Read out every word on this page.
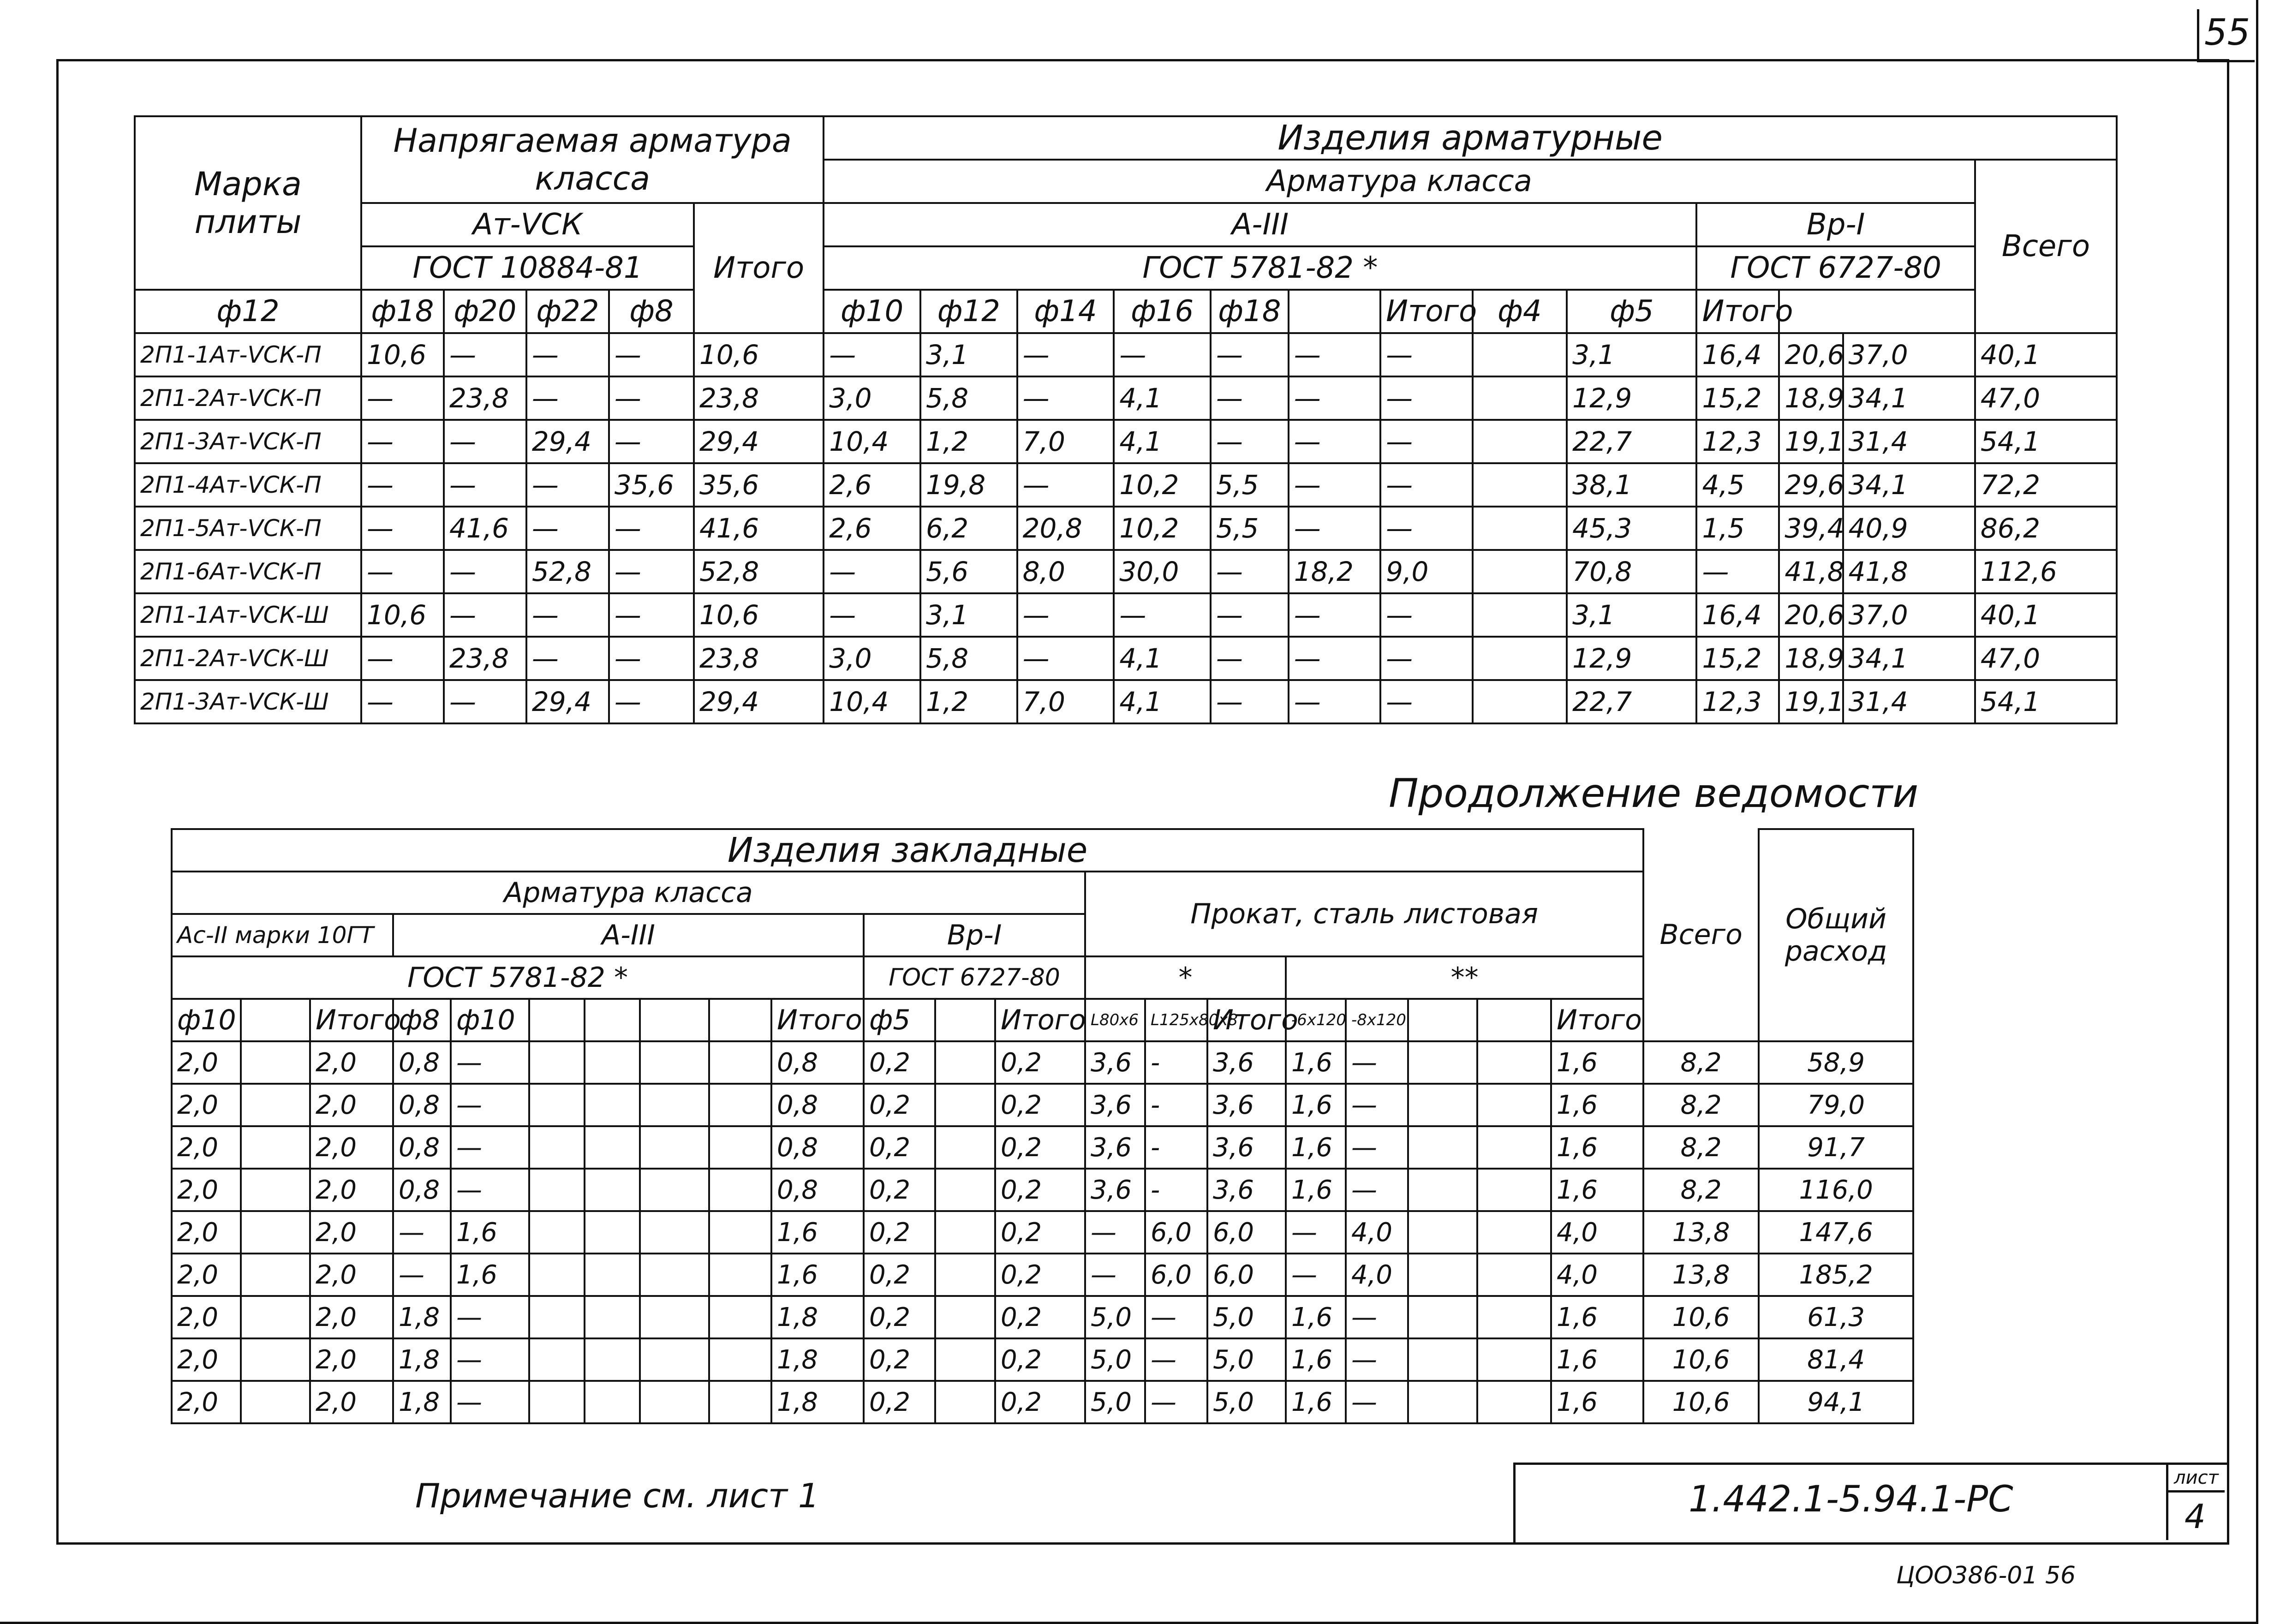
55
Марка плиты	Напрягаемая арматура класса					Изделия арматурные												
						Арматура класса												Всего
	Aт-VСК				Итого	A-III									Вр-I			
	ГОСТ 10884-81					ГОСТ 5781-82 *									ГОСТ 6727-80			
ф12	ф18	ф20	ф22	ф8		ф10	ф12	ф14	ф16	ф18		Итого	ф4	ф5	Итого			
2П1-1Aт-VСК-П	10,6	—	—	—	10,6	—	3,1	—	—	—	—	—		3,1	16,4	20,6	37,0	40,1
2П1-2Aт-VСК-П	—	23,8	—	—	23,8	3,0	5,8	—	4,1	—	—	—		12,9	15,2	18,9	34,1	47,0
2П1-3Aт-VСК-П	—	—	29,4	—	29,4	10,4	1,2	7,0	4,1	—	—	—		22,7	12,3	19,1	31,4	54,1
2П1-4Aт-VСК-П	—	—	—	35,6	35,6	2,6	19,8	—	10,2	5,5	—	—		38,1	4,5	29,6	34,1	72,2
2П1-5Aт-VСК-П	—	41,6	—	—	41,6	2,6	6,2	20,8	10,2	5,5	—	—		45,3	1,5	39,4	40,9	86,2
2П1-6Aт-VСК-П	—	—	52,8	—	52,8	—	5,6	8,0	30,0	—	18,2	9,0		70,8	—	41,8	41,8	112,6
2П1-1Aт-VСК-Ш	10,6	—	—	—	10,6	—	3,1	—	—	—	—	—		3,1	16,4	20,6	37,0	40,1
2П1-2Aт-VСК-Ш	—	23,8	—	—	23,8	3,0	5,8	—	4,1	—	—	—		12,9	15,2	18,9	34,1	47,0
2П1-3Aт-VСК-Ш	—	—	29,4	—	29,4	10,4	1,2	7,0	4,1	—	—	—		22,7	12,3	19,1	31,4	54,1
Продолжение ведомости
Изделия закладные																					Всего	Общий расход
Арматура класса													Прокат, сталь листовая									
Ac-II марки 10ГТ			A-III							Вр-I												
ГОСТ 5781-82 *										ГОСТ 6727-80			*			**						
ф10		Итого	ф8	ф10					Итого	ф5		Итого	L80x6	L125x80x8	Итого	-6x120	-8x120			Итого		
2,0		2,0	0,8	—					0,8	0,2		0,2	3,6	-	3,6	1,6	—			1,6	8,2	58,9
2,0		2,0	0,8	—					0,8	0,2		0,2	3,6	-	3,6	1,6	—			1,6	8,2	79,0
2,0		2,0	0,8	—					0,8	0,2		0,2	3,6	-	3,6	1,6	—			1,6	8,2	91,7
2,0		2,0	0,8	—					0,8	0,2		0,2	3,6	-	3,6	1,6	—			1,6	8,2	116,0
2,0		2,0	—	1,6					1,6	0,2		0,2	—	6,0	6,0	—	4,0			4,0	13,8	147,6
2,0		2,0	—	1,6					1,6	0,2		0,2	—	6,0	6,0	—	4,0			4,0	13,8	185,2
2,0		2,0	1,8	—					1,8	0,2		0,2	5,0	—	5,0	1,6	—			1,6	10,6	61,3
2,0		2,0	1,8	—					1,8	0,2		0,2	5,0	—	5,0	1,6	—			1,6	10,6	81,4
2,0		2,0	1,8	—					1,8	0,2		0,2	5,0	—	5,0	1,6	—			1,6	10,6	94,1
Примечание см. лист 1	1.442.1-5.94.1-РС
лист
4
ЦОО386-01 56
